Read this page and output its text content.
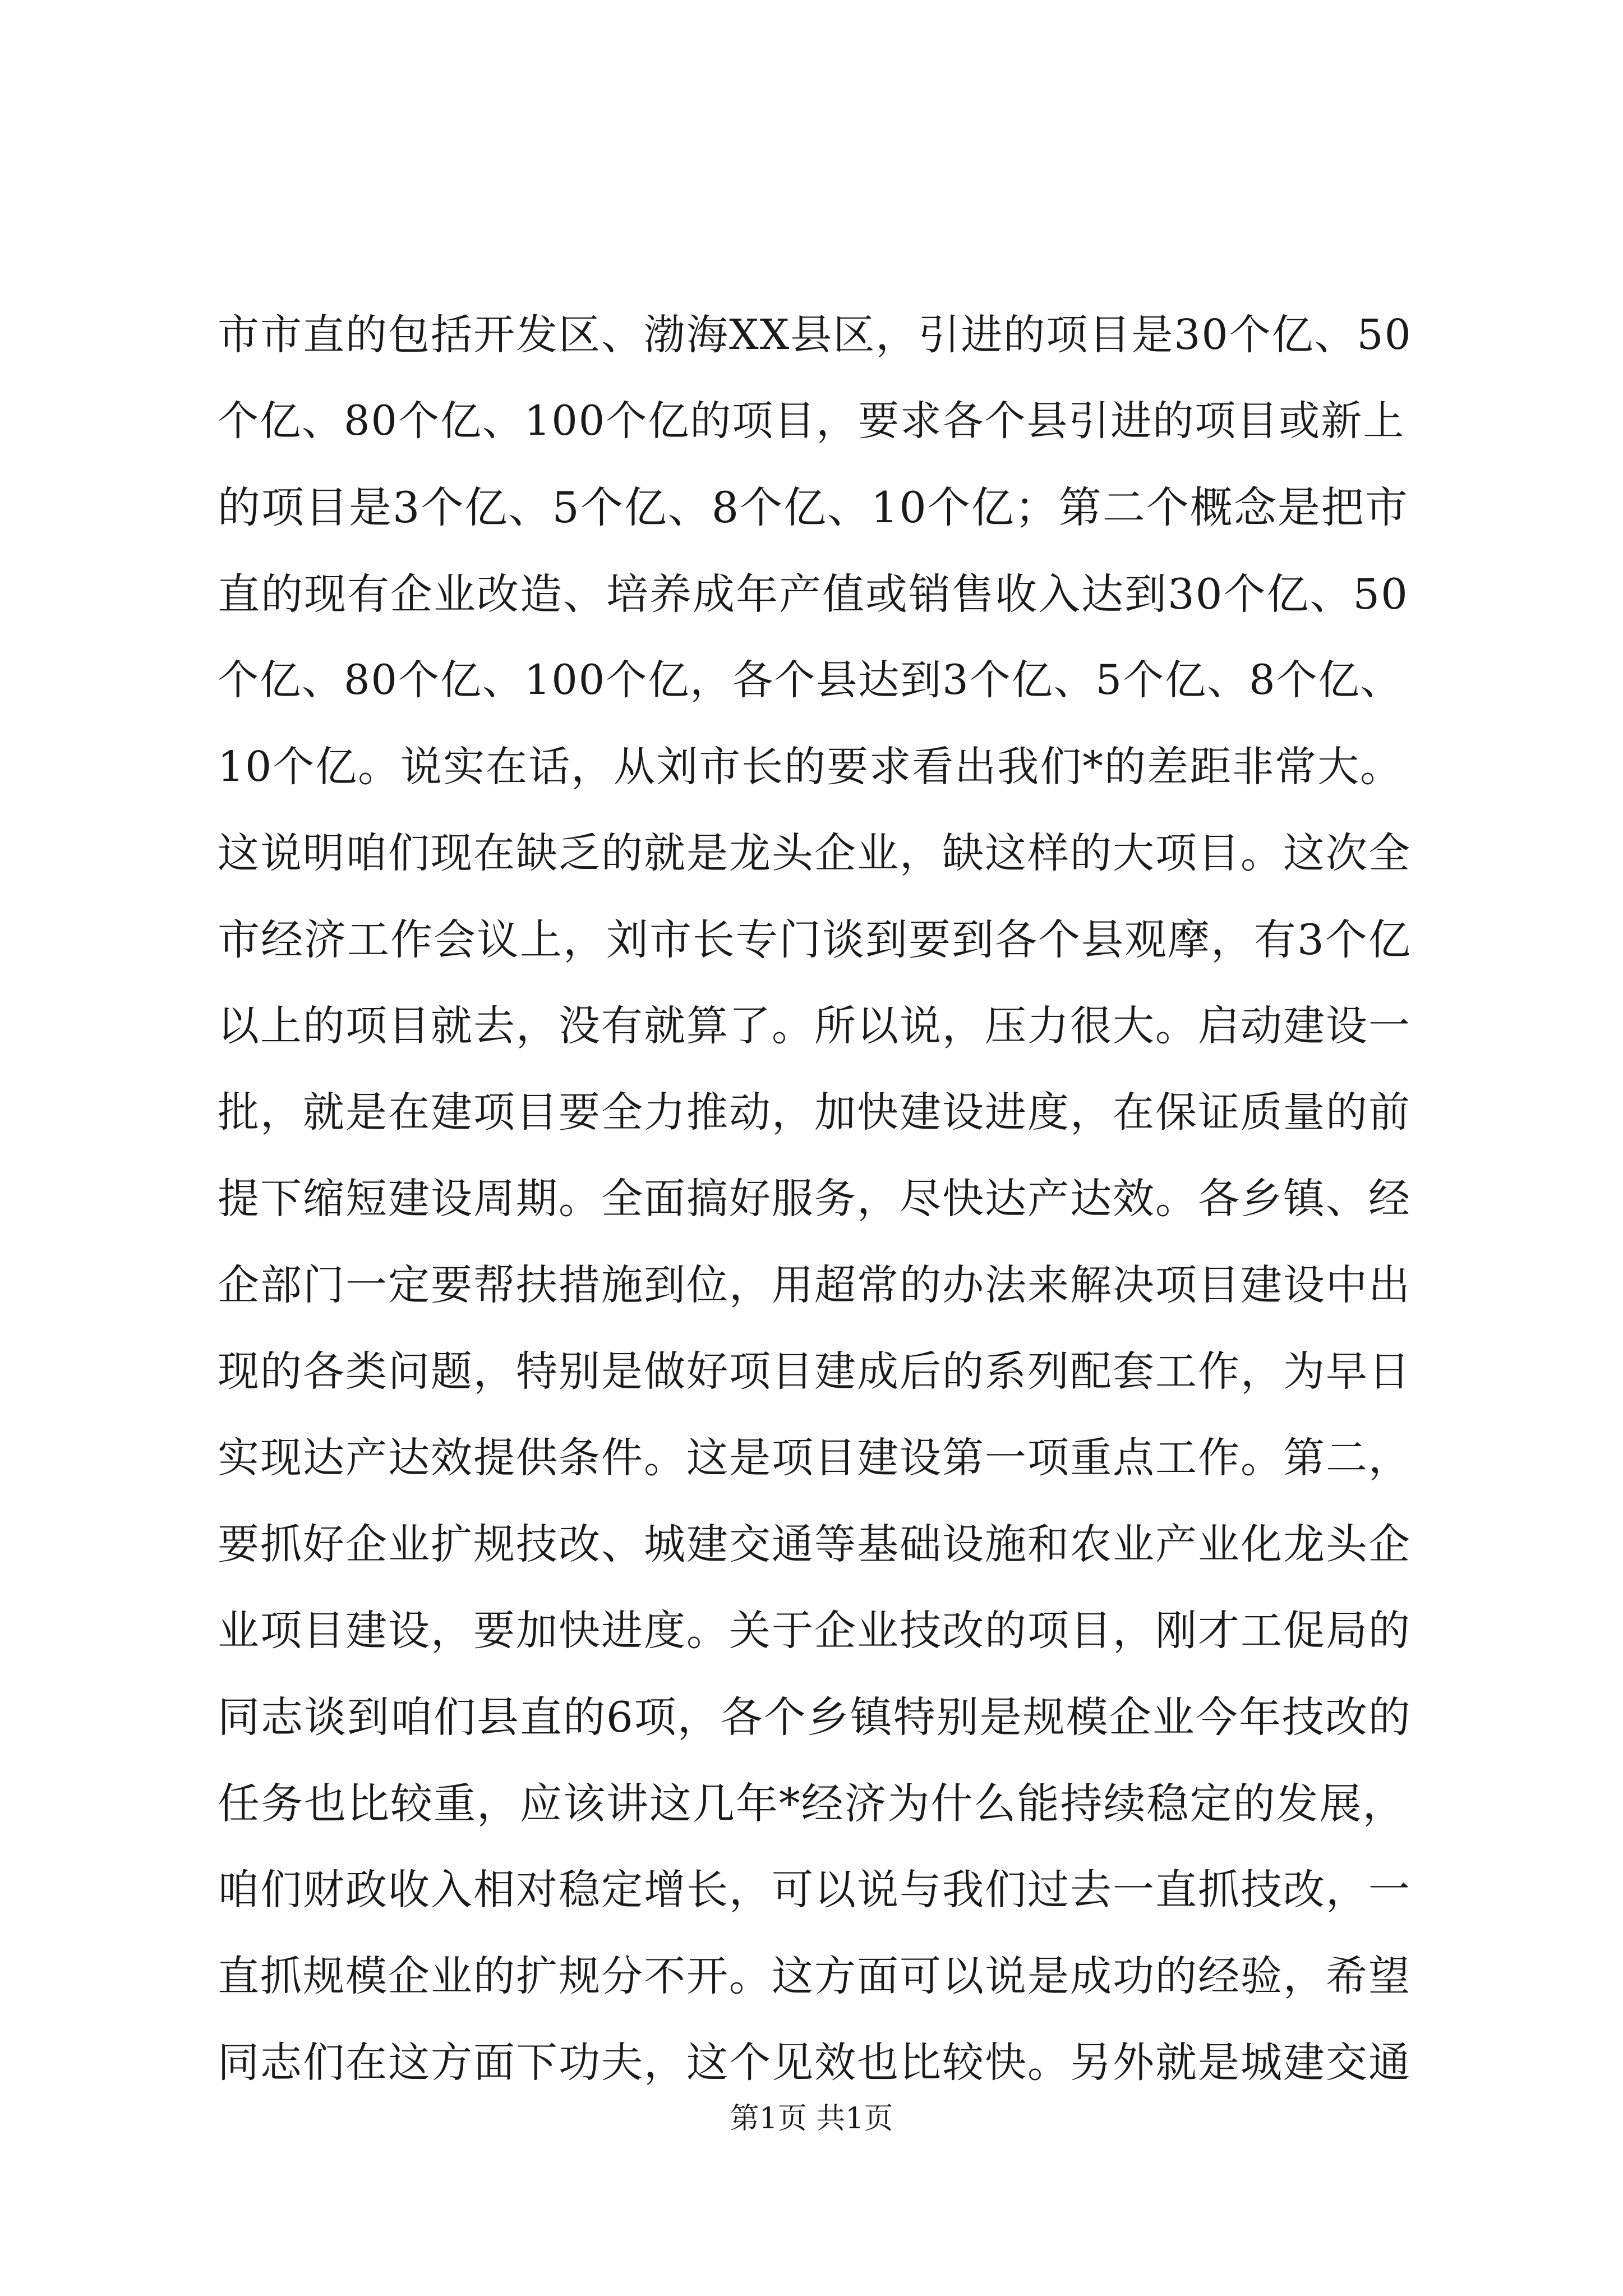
市市直的包括开发区、渤海XX县区，引进的项目是30个亿、50
个亿、80个亿、100个亿的项目，要求各个县引进的项目或新上
的项目是3个亿、5个亿、8个亿、10个亿；第二个概念是把市
直的现有企业改造、培养成年产值或销售收入达到30个亿、50
个亿、80个亿、100个亿，各个县达到3个亿、5个亿、8个亿、
10个亿。说实在话，从刘市长的要求看出我们*的差距非常大。
这说明咱们现在缺乏的就是龙头企业，缺这样的大项目。这次全
市经济工作会议上，刘市长专门谈到要到各个县观摩，有3个亿
以上的项目就去，没有就算了。所以说，压力很大。启动建设一
批，就是在建项目要全力推动，加快建设进度，在保证质量的前
提下缩短建设周期。全面搞好服务，尽快达产达效。各乡镇、经
企部门一定要帮扶措施到位，用超常的办法来解决项目建设中出
现的各类问题，特别是做好项目建成后的系列配套工作，为早日
实现达产达效提供条件。这是项目建设第一项重点工作。第二，
要抓好企业扩规技改、城建交通等基础设施和农业产业化龙头企
业项目建设，要加快进度。关于企业技改的项目，刚才工促局的
同志谈到咱们县直的6项，各个乡镇特别是规模企业今年技改的
任务也比较重，应该讲这几年*经济为什么能持续稳定的发展，
咱们财政收入相对稳定增长，可以说与我们过去一直抓技改，一
直抓规模企业的扩规分不开。这方面可以说是成功的经验，希望
同志们在这方面下功夫，这个见效也比较快。另外就是城建交通
第1页 共1页
